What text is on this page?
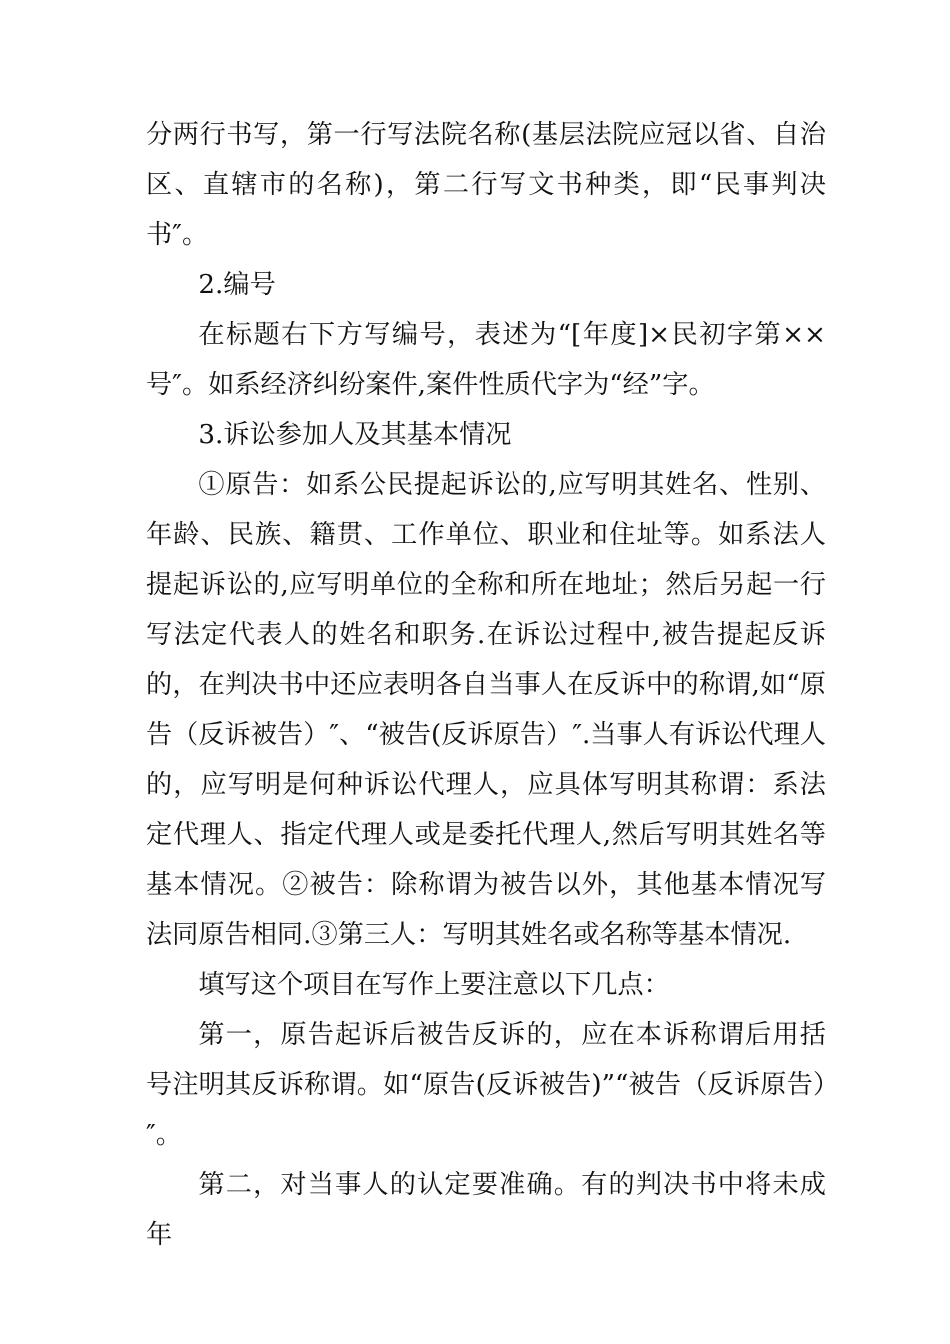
分两行书写，第一行写法院名称(基层法院应冠以省、自治区、直辖市的名称)，第二行写文书种类，即“民事判决书″。

2.编号

在标题右下方写编号，表述为“[年度]×民初字第××号″。如系经济纠纷案件,案件性质代字为“经”字。

3.诉讼参加人及其基本情况

①原告：如系公民提起诉讼的,应写明其姓名、性别、年龄、民族、籍贯、工作单位、职业和住址等。如系法人提起诉讼的,应写明单位的全称和所在地址；然后另起一行写法定代表人的姓名和职务.在诉讼过程中,被告提起反诉的，在判决书中还应表明各自当事人在反诉中的称谓,如“原告（反诉被告）″、“被告(反诉原告）″.当事人有诉讼代理人的，应写明是何种诉讼代理人，应具体写明其称谓：系法定代理人、指定代理人或是委托代理人,然后写明其姓名等基本情况。②被告：除称谓为被告以外，其他基本情况写法同原告相同.③第三人：写明其姓名或名称等基本情况.

填写这个项目在写作上要注意以下几点：

第一，原告起诉后被告反诉的，应在本诉称谓后用括号注明其反诉称谓。如“原告(反诉被告)”“被告（反诉原告）″。

第二，对当事人的认定要准确。有的判决书中将未成年
